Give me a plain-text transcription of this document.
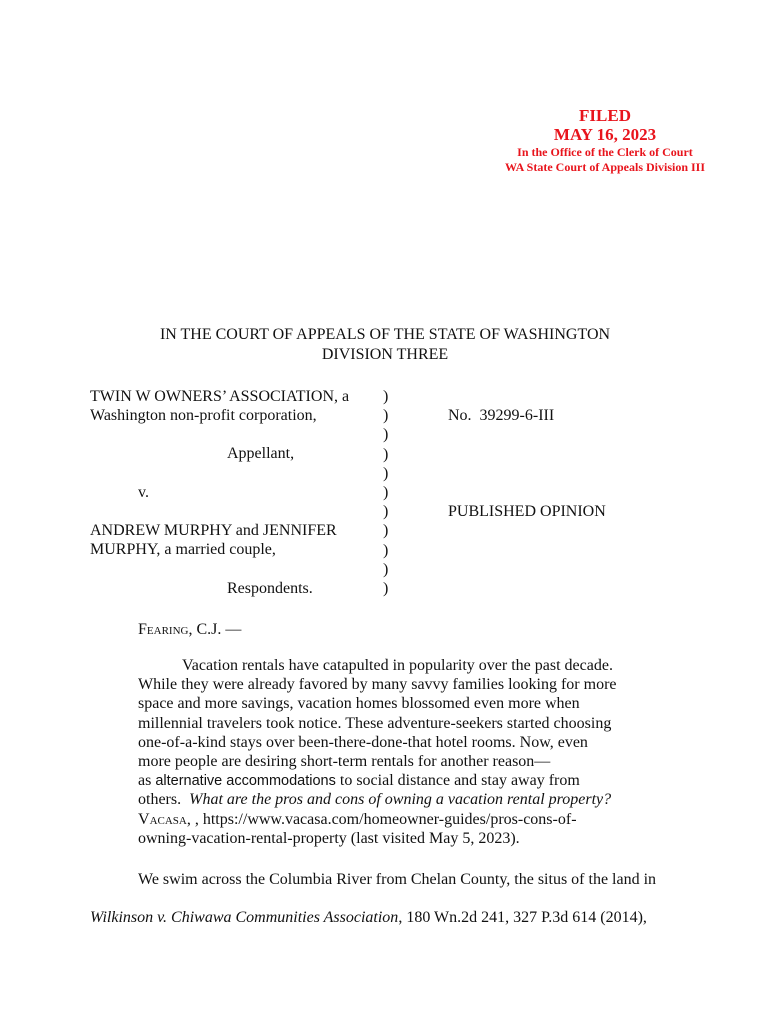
FILED
MAY 16, 2023
In the Office of the Clerk of Court
WA State Court of Appeals Division III
IN THE COURT OF APPEALS OF THE STATE OF WASHINGTON
DIVISION THREE
TWIN W OWNERS’ ASSOCIATION, a
Washington non-profit corporation,
Appellant,
v.
ANDREW MURPHY and JENNIFER
MURPHY, a married couple,
Respondents.
)
)
)
)
)
)
)
)
)
)
)
No.  39299-6-III
PUBLISHED OPINION
Fearing, C.J. —
Vacation rentals have catapulted in popularity over the past decade.
While they were already favored by many savvy families looking for more
space and more savings, vacation homes blossomed even more when
millennial travelers took notice. These adventure-seekers started choosing
one-of-a-kind stays over been-there-done-that hotel rooms. Now, even
more people are desiring short-term rentals for another reason—
as alternative accommodations to social distance and stay away from
others.  What are the pros and cons of owning a vacation rental property?
Vacasa, , https://www.vacasa.com/homeowner-guides/pros-cons-of-
owning-vacation-rental-property (last visited May 5, 2023).
We swim across the Columbia River from Chelan County, the situs of the land in
Wilkinson v. Chiwawa Communities Association, 180 Wn.2d 241, 327 P.3d 614 (2014),
